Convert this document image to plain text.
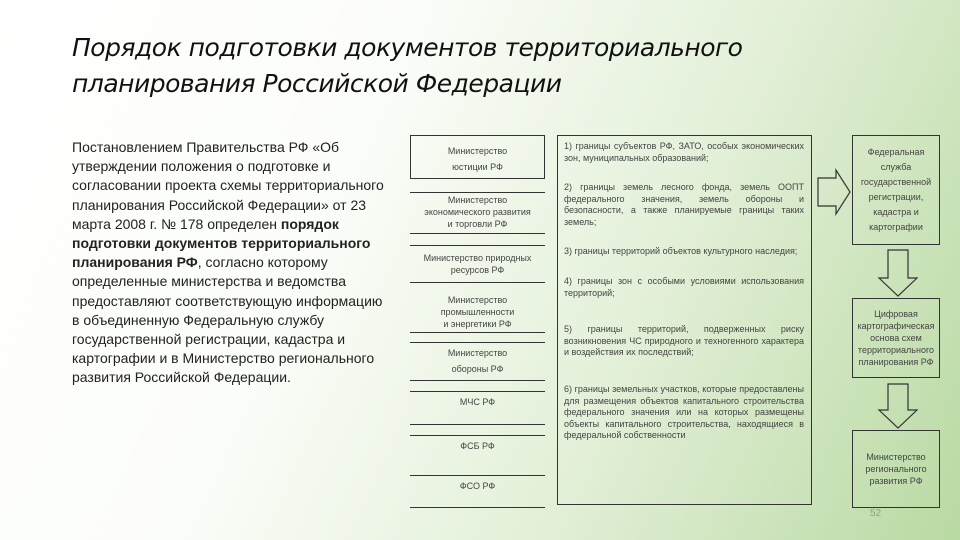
Порядок подготовки документов территориального планирования Российской Федерации
Постановлением Правительства РФ «Об утверждении положения о подготовке и согласовании проекта схемы территориального планирования Российской Федерации» от 23 марта 2008 г. № 178 определен порядок подготовки документов территориального планирования РФ, согласно которому определенные министерства и ведомства предоставляют соответствующую информацию в объединенную Федеральную службу государственной регистрации, кадастра и картографии и в Министерство регионального развития Российской Федерации.
Министерство юстиции РФ
Министерство экономического развития и торговли РФ
Министерство природных ресурсов РФ
Министерство промышленности и энергетики РФ
Министерство обороны РФ
МЧС РФ
ФСБ РФ
ФСО РФ
1) границы субъектов РФ, ЗАТО, особых экономических зон, муниципальных образований;
2) границы земель лесного фонда, земель ООПТ федерального значения, земель обороны и безопасности, а также планируемые границы таких земель;
3) границы территорий объектов культурного наследия;
4) границы зон с особыми условиями использования территорий;
5) границы территорий, подверженных риску возникновения ЧС природного и техногенного характера и воздействия их последствий;
6) границы земельных участков, которые предоставлены для размещения объектов капитального строительства федерального значения или на которых размещены объекты капитального строительства, находящиеся в федеральной собственности
Федеральная служба государственной регистрации, кадастра и картографии
Цифровая картографическая основа схем территориального планирования РФ
Министерство регионального развития РФ
52
